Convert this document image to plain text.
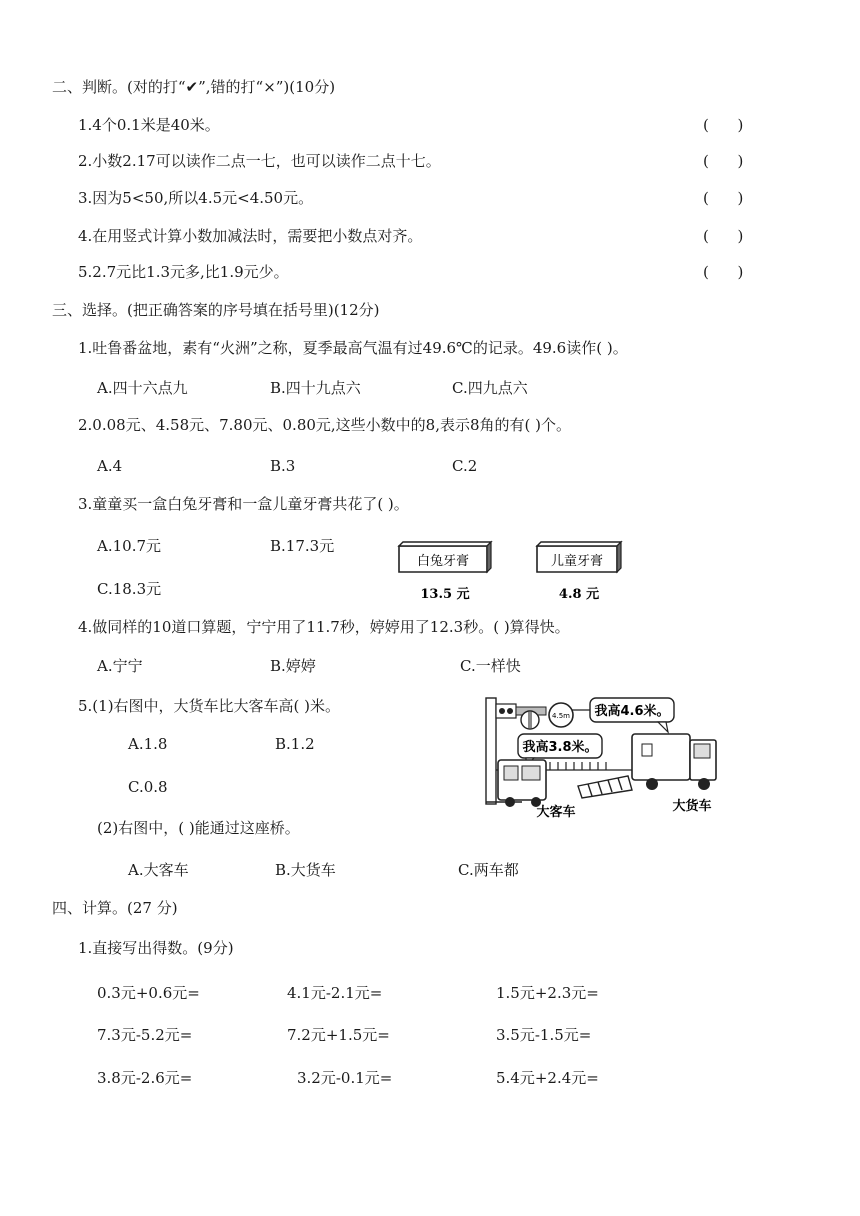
二、判断。(对的打“✔”,错的打“×”)(10分)
1.4个0.1米是40米。	(      )
2.小数2.17可以读作二点一七，也可以读作二点十七。	(      )
3.因为5<50,所以4.5元<4.50元。	(      )
4.在用竖式计算小数加减法时，需要把小数点对齐。	(      )
5.2.7元比1.3元多,比1.9元少。	(      )
三、选择。(把正确答案的序号填在括号里)(12分)
1.吐鲁番盆地，素有“火洲”之称，夏季最高气温有过49.6℃的记录。49.6读作( )。
A.四十六点九	B.四十九点六	C.四九点六
2.0.08元、4.58元、7.80元、0.80元,这些小数中的8,表示8角的有( )个。
A.4	B.3	C.2
3.童童买一盒白兔牙膏和一盒儿童牙膏共花了( )。
A.10.7元	B.17.3元
C.18.3元
白兔牙膏
13.5 元
儿童牙膏
4.8 元
4.做同样的10道口算题，宁宁用了11.7秒，婷婷用了12.3秒。( )算得快。
A.宁宁	B.婷婷	C.一样快
5.(1)右图中，大货车比大客车高( )米。
A.1.8	B.1.2
C.0.8
(2)右图中，( )能通过这座桥。
A.大客车	B.大货车	C.两车都
4.5m 我高4.6米。
我高3.8米。
大客车	大货车
四、计算。(27 分)
1.直接写出得数。(9分)
0.3元+0.6元=	4.1元-2.1元=	1.5元+2.3元=
7.3元-5.2元=	7.2元+1.5元=	3.5元-1.5元=
3.8元-2.6元=	3.2元-0.1元=	5.4元+2.4元=
